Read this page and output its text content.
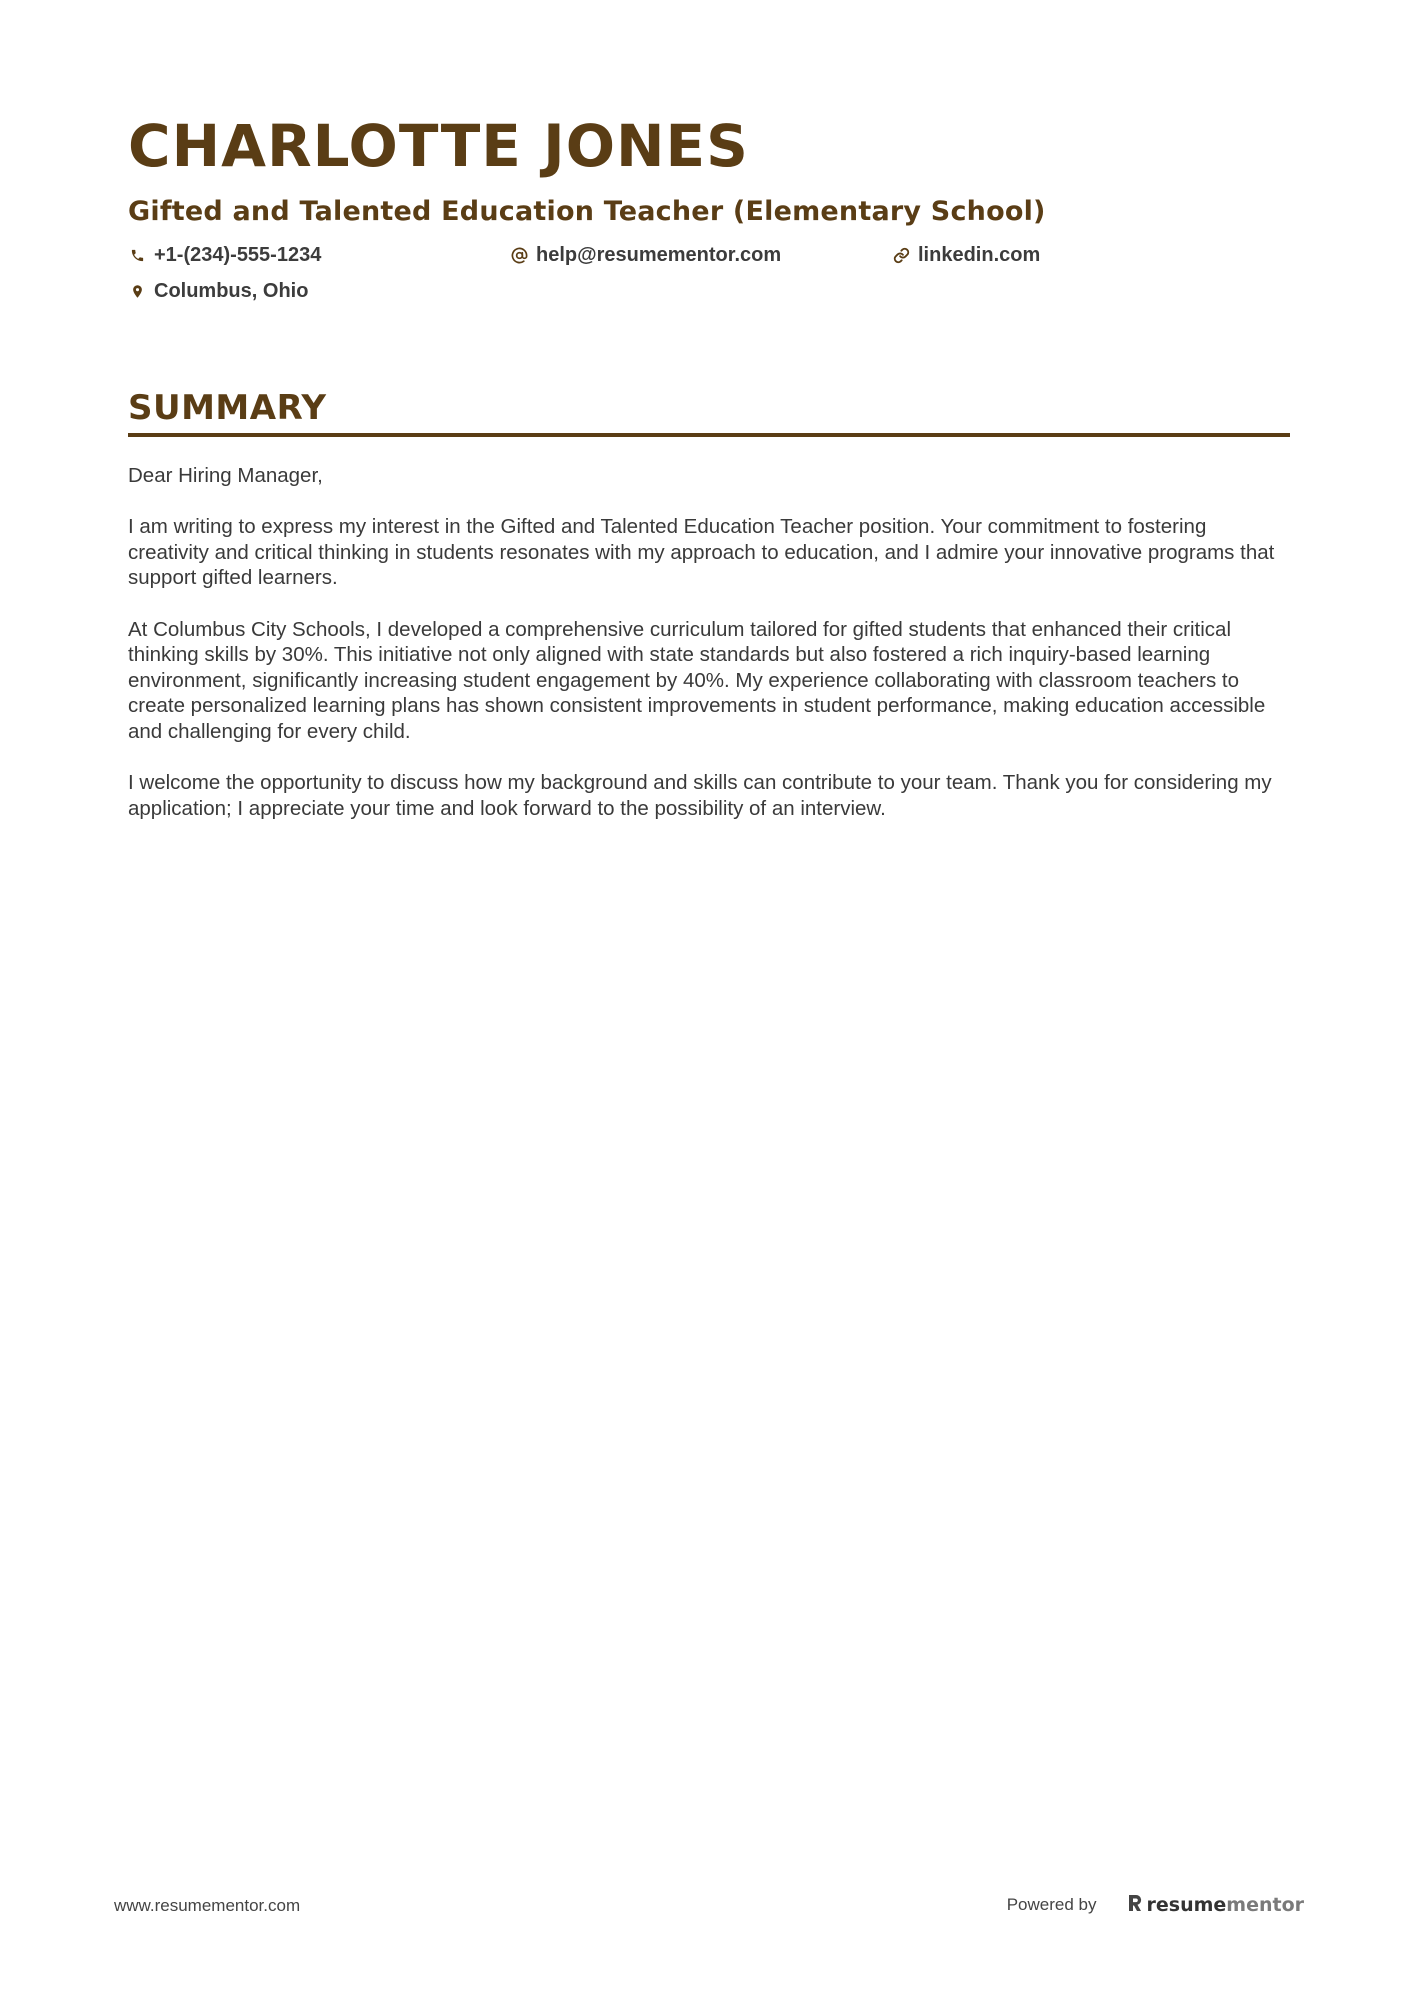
CHARLOTTE JONES
Gifted and Talented Education Teacher (Elementary School)
+1-(234)-555-1234	help@resumementor.com	linkedin.com
Columbus, Ohio
SUMMARY

Dear Hiring Manager,

I am writing to express my interest in the Gifted and Talented Education Teacher position. Your commitment to fostering creativity and critical thinking in students resonates with my approach to education, and I admire your innovative programs that support gifted learners.

At Columbus City Schools, I developed a comprehensive curriculum tailored for gifted students that enhanced their critical thinking skills by 30%. This initiative not only aligned with state standards but also fostered a rich inquiry-based learning environment, significantly increasing student engagement by 40%. My experience collaborating with classroom teachers to create personalized learning plans has shown consistent improvements in student performance, making education accessible and challenging for every child.

I welcome the opportunity to discuss how my background and skills can contribute to your team. Thank you for considering my application; I appreciate your time and look forward to the possibility of an interview.

www.resumementor.com	Powered by	resumementor
